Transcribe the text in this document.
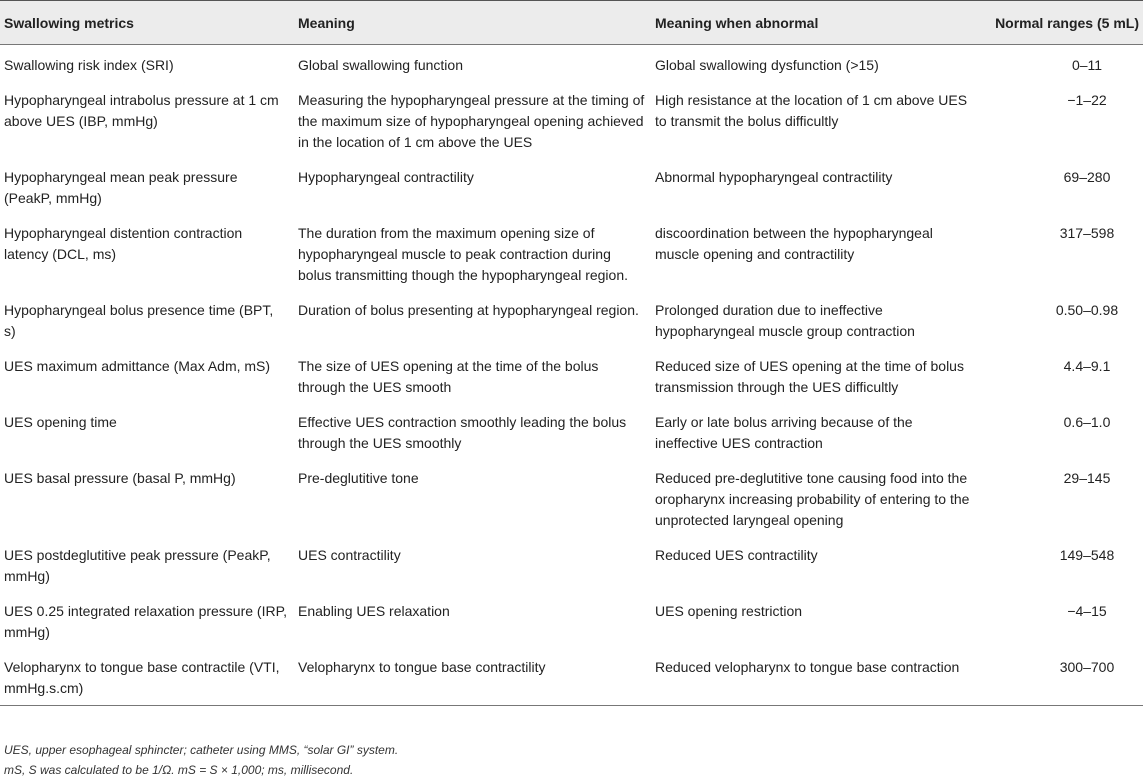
Swallowing metrics	Meaning	Meaning when abnormal	Normal ranges (5 mL)
Swallowing risk index (SRI)	Global swallowing function	Global swallowing dysfunction (>15)	0–11
Hypopharyngeal intrabolus pressure at 1 cm above UES (IBP, mmHg)	Measuring the hypopharyngeal pressure at the timing of the maximum size of hypopharyngeal opening achieved in the location of 1 cm above the UES	High resistance at the location of 1 cm above UES to transmit the bolus difficultly	−1–22
Hypopharyngeal mean peak pressure (PeakP, mmHg)	Hypopharyngeal contractility	Abnormal hypopharyngeal contractility	69–280
Hypopharyngeal distention contraction latency (DCL, ms)	The duration from the maximum opening size of hypopharyngeal muscle to peak contraction during bolus transmitting though the hypopharyngeal region.	discoordination between the hypopharyngeal muscle opening and contractility	317–598
Hypopharyngeal bolus presence time (BPT, s)	Duration of bolus presenting at hypopharyngeal region.	Prolonged duration due to ineffective hypopharyngeal muscle group contraction	0.50–0.98
UES maximum admittance (Max Adm, mS)	The size of UES opening at the time of the bolus through the UES smooth	Reduced size of UES opening at the time of bolus transmission through the UES difficultly	4.4–9.1
UES opening time	Effective UES contraction smoothly leading the bolus through the UES smoothly	Early or late bolus arriving because of the ineffective UES contraction	0.6–1.0
UES basal pressure (basal P, mmHg)	Pre-deglutitive tone	Reduced pre-deglutitive tone causing food into the oropharynx increasing probability of entering to the unprotected laryngeal opening	29–145
UES postdeglutitive peak pressure (PeakP, mmHg)	UES contractility	Reduced UES contractility	149–548
UES 0.25 integrated relaxation pressure (IRP, mmHg)	Enabling UES relaxation	UES opening restriction	−4–15
Velopharynx to tongue base contractile (VTI, mmHg.s.cm)	Velopharynx to tongue base contractility	Reduced velopharynx to tongue base contraction	300–700
UES, upper esophageal sphincter; catheter using MMS, “solar GI” system.
mS, S was calculated to be 1/Ω. mS = S × 1,000; ms, millisecond.
